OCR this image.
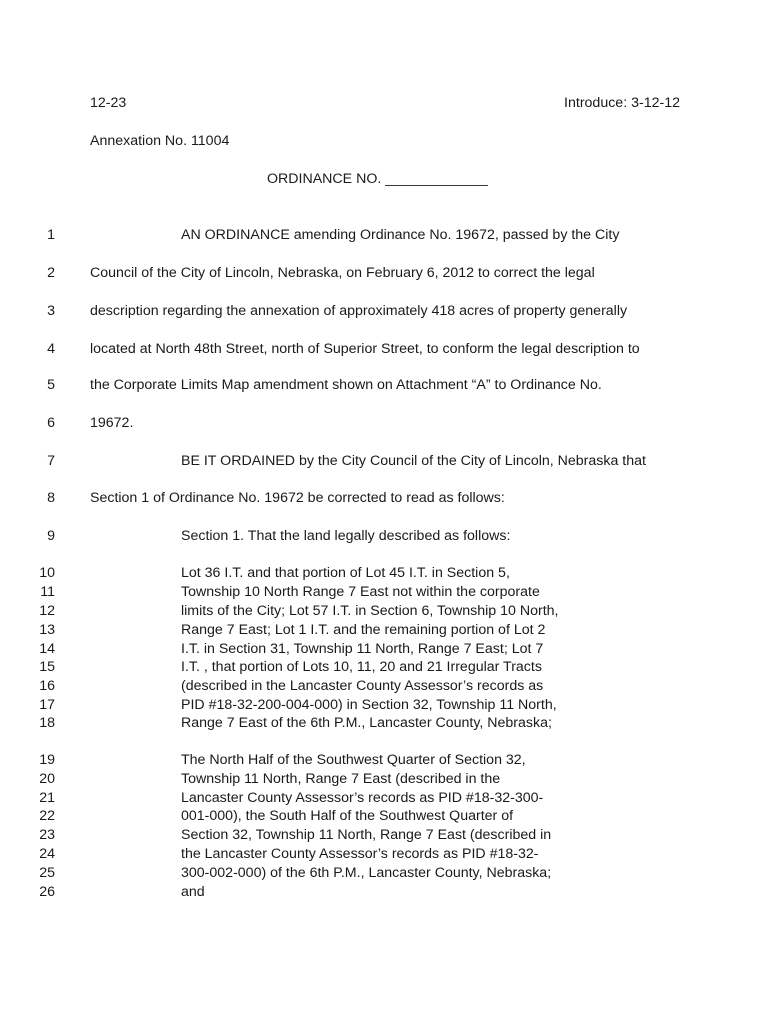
12-23	Introduce: 3-12-12
Annexation No. 11004
ORDINANCE NO. _____________
1
2
3
4
5
6
7
8
9
AN ORDINANCE amending Ordinance No. 19672, passed by the City
Council of the City of Lincoln, Nebraska, on February 6, 2012 to correct the legal
description regarding the annexation of approximately 418 acres of property generally
located at North 48th Street, north of Superior Street, to conform the legal description to
the Corporate Limits Map amendment shown on Attachment “A” to Ordinance No.
19672.
BE IT ORDAINED by the City Council of the City of Lincoln, Nebraska that
Section 1 of Ordinance No. 19672 be corrected to read as follows:
Section 1. That the land legally described as follows:
10	Lot 36 I.T. and that portion of Lot 45 I.T. in Section 5,
11	Township 10 North Range 7 East not within the corporate
12	limits of the City; Lot 57 I.T. in Section 6, Township 10 North,
13	Range 7 East; Lot 1 I.T. and the remaining portion of Lot 2
14	I.T. in Section 31, Township 11 North, Range 7 East; Lot 7
15	I.T. , that portion of Lots 10, 11, 20 and 21 Irregular Tracts
16	(described in the Lancaster County Assessor’s records as
17	PID #18-32-200-004-000) in Section 32, Township 11 North,
18	Range 7 East of the 6th P.M., Lancaster County, Nebraska;
19	The North Half of the Southwest Quarter of Section 32,
20	Township 11 North, Range 7 East (described in the
21	Lancaster County Assessor’s records as PID #18-32-300-
22	001-000), the South Half of the Southwest Quarter of
23	Section 32, Township 11 North, Range 7 East (described in
24	the Lancaster County Assessor’s records as PID #18-32-
25	300-002-000) of the 6th P.M., Lancaster County, Nebraska;
26	and
